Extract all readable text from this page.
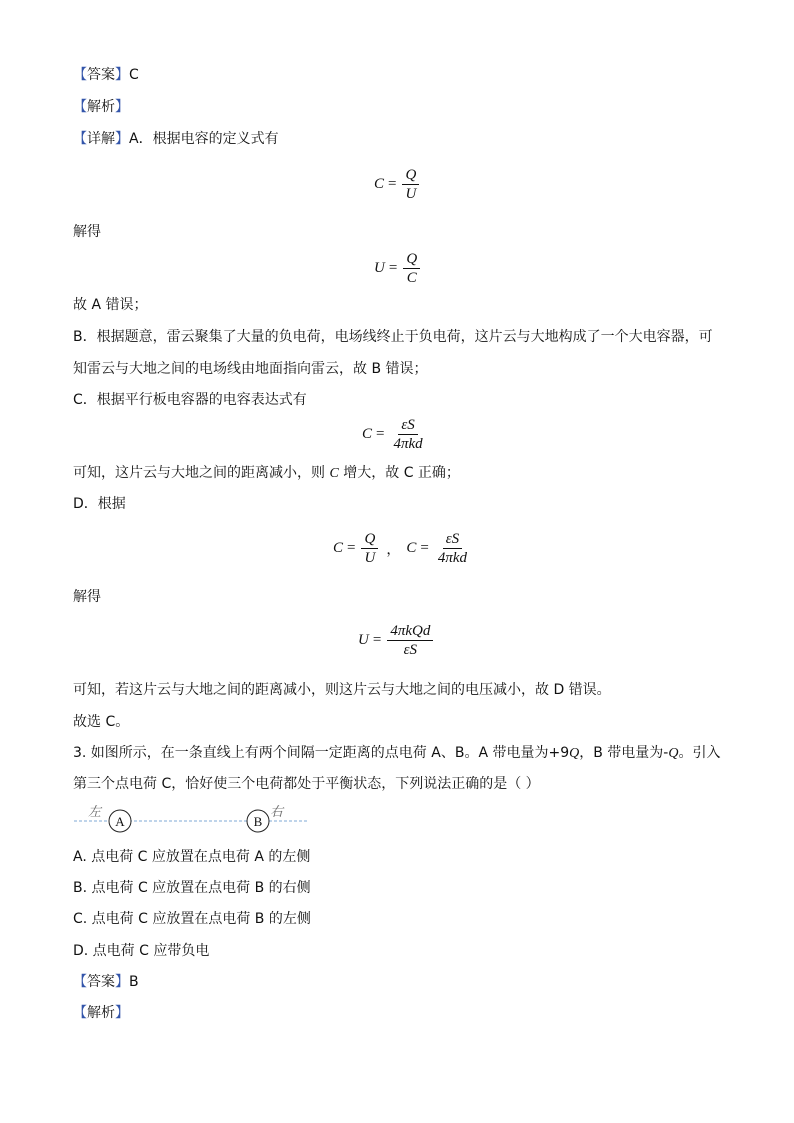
【答案】C
【解析】
【详解】A．根据电容的定义式有
$C = \frac{Q}{U}$
解得
$U = \frac{Q}{C}$
故 A 错误；
B．根据题意，雷云聚集了大量的负电荷，电场线终止于负电荷，这片云与大地构成了一个大电容器，可
知雷云与大地之间的电场线由地面指向雷云，故 B 错误；
C．根据平行板电容器的电容表达式有
$C = \frac{\varepsilon S}{\text{4πkd}}$
可知，这片云与大地之间的距离减小，则 C 增大，故 C 正确；
D．根据
$C = \frac{Q}{U}$ ， $C = \frac{\varepsilon S}{\text{4πkd}}$
解得
$U = \frac{\text{4πkQd}}{\varepsilon S}$
可知，若这片云与大地之间的距离减小，则这片云与大地之间的电压减小，故 D 错误。
故选 C。
3. 如图所示，在一条直线上有两个间隔一定距离的点电荷 A、B。A 带电量为+9Q，B 带电量为-Q。引入
第三个点电荷 C，恰好使三个电荷都处于平衡状态，下列说法正确的是（ ）
左
A	B
右
A. 点电荷 C 应放置在点电荷 A 的左侧
B. 点电荷 C 应放置在点电荷 B 的右侧
C. 点电荷 C 应放置在点电荷 B 的左侧
D. 点电荷 C 应带负电
【答案】B
【解析】
